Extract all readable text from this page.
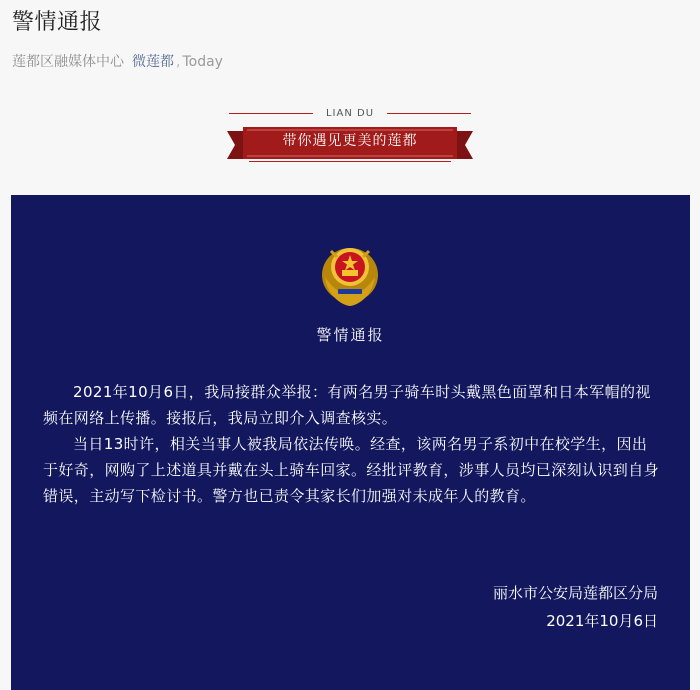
警情通报
莲都区融媒体中心 微莲都 , Today
LIAN DU
带你遇见更美的莲都
警情通报

2021年10月6日，我局接群众举报：有两名男子骑车时头戴黑色面罩和日本军帽的视频在网络上传播。接报后，我局立即介入调查核实。

当日13时许，相关当事人被我局依法传唤。经查，该两名男子系初中在校学生，因出于好奇，网购了上述道具并戴在头上骑车回家。经批评教育，涉事人员均已深刻认识到自身错误，主动写下检讨书。警方也已责令其家长们加强对未成年人的教育。

丽水市公安局莲都区分局
2021年10月6日
